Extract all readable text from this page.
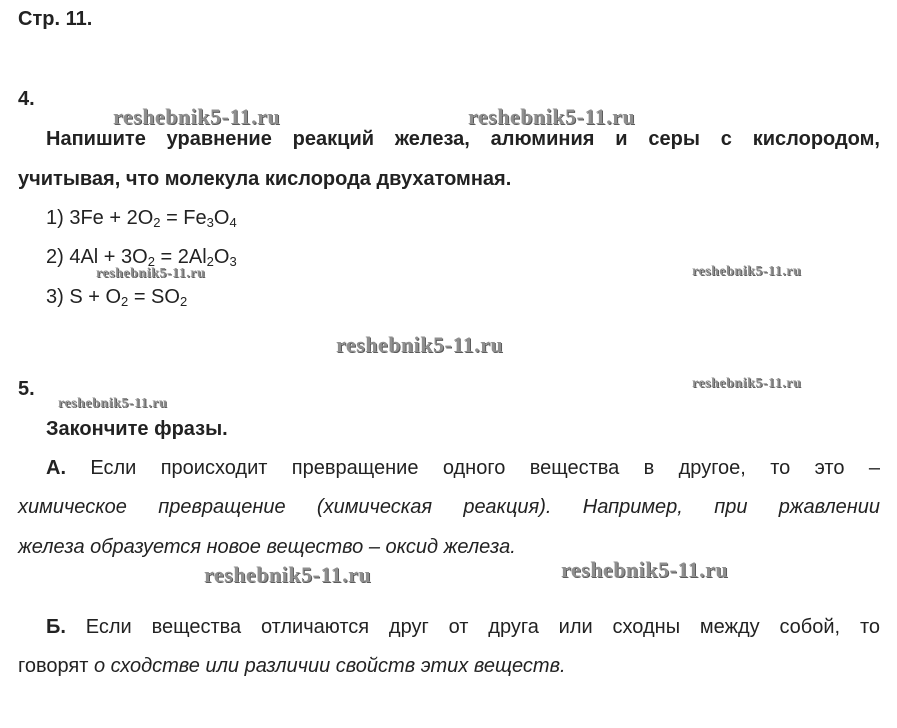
Стр. 11.
4.
Напишите уравнение реакций железа, алюминия и серы с кислородом,
учитывая, что молекула кислорода двухатомная.
1) $3Fe + 2O_2 = Fe_3O_4$
2) $4Al + 3O_2 = 2Al_2O_3$
3) $S + O_2 = SO_2$
5.
Закончите фразы.
А. Если происходит превращение одного вещества в другое, то это –
химическое превращение (химическая реакция). Например, при ржавлении
железа образуется новое вещество – оксид железа.
Б. Если вещества отличаются друг от друга или сходны между собой, то
говорят о сходстве или различии свойств этих веществ.
reshebnik5-11.ru	reshebnik5-11.ru
reshebnik5-11.ru	reshebnik5-11.ru
reshebnik5-11.ru
reshebnik5-11.ru
reshebnik5-11.ru
reshebnik5-11.ru	reshebnik5-11.ru
